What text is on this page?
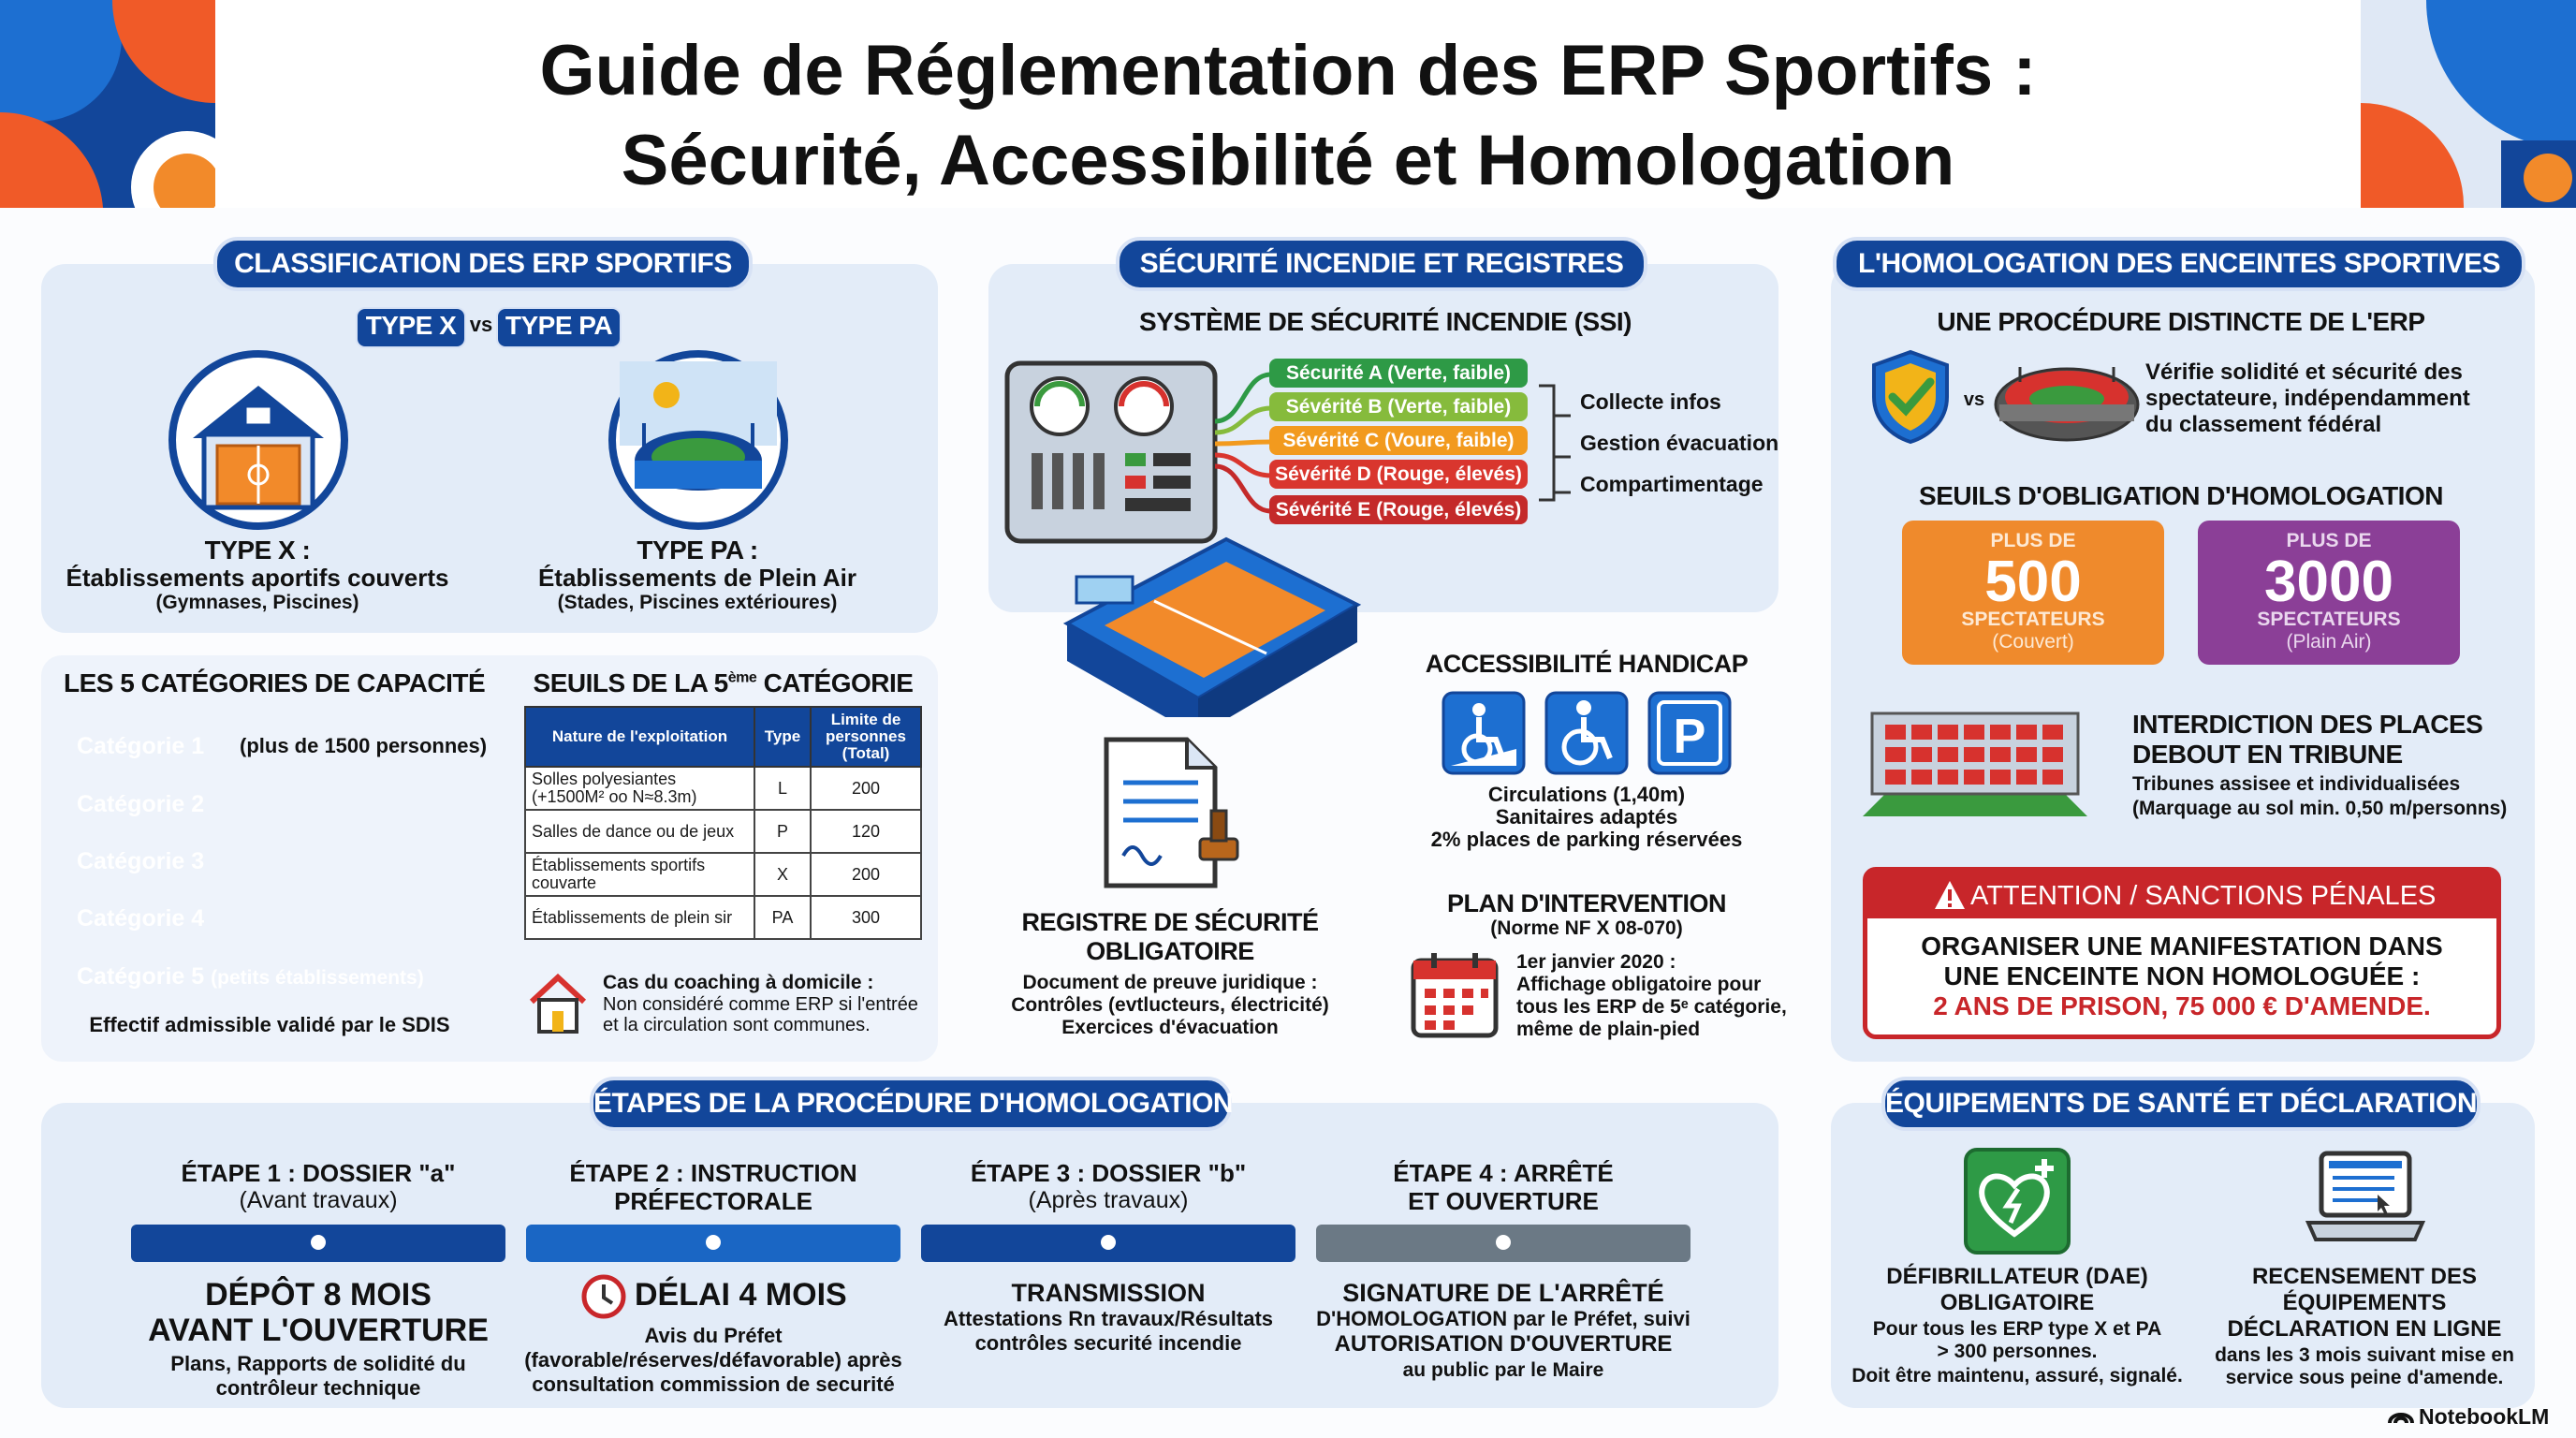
Guide de Réglementation des ERP Sportifs :
Sécurité, Accessibilité et Homologation
CLASSIFICATION DES ERP SPORTIFS
TYPE X vs TYPE PA
TYPE X :
Établissements aportifs couverts
(Gymnases, Piscines)
TYPE PA :
Établissements de Plein Air
(Stades, Piscines extérioures)
LES 5 CATÉGORIES DE CAPACITÉ
Catégorie 1	(plus de 1500 personnes)
Catégorie 2
Catégorie 3
Catégorie 4
Catégorie 5 (petits établissements)
Effectif admissible validé par le SDIS
SEUILS DE LA 5ème CATÉGORIE
Nature de l'exploitation	Type	Limite de personnes (Total)
Solles polyesiantes (+1500M² oo N≈8.3m)	L	200
Salles de dance ou de jeux	P	120
Établissements sportifs couvarte	X	200
Établissements de plein sir	PA	300
Cas du coaching à domicile :
Non considéré comme ERP si l'entrée et la circulation sont communes.
SÉCURITÉ INCENDIE ET REGISTRES
SYSTÈME DE SÉCURITÉ INCENDIE (SSI)
Sécurité A (Verte, faible)
Sévérité B (Verte, faible)
Sévérité C (Voure, faible)
Sévérité D (Rouge, élevés)
Sévérité E (Rouge, élevés)
Collecte infos
Gestion évacuation
Compartimentage
REGISTRE DE SÉCURITÉ
OBLIGATOIRE
Document de preuve juridique :
Contrôles (evtlucteurs, électricité)
Exercices d'évacuation
ACCESSIBILITÉ HANDICAP
P
Circulations (1,40m)
Sanitaires adaptés
2% places de parking réservées
PLAN D'INTERVENTION
(Norme NF X 08-070)
1er janvier 2020 :
Affichage obligatoire pour
tous les ERP de 5ᵉ catégorie,
même de plain-pied
L'HOMOLOGATION DES ENCEINTES SPORTIVES
UNE PROCÉDURE DISTINCTE DE L'ERP
vs
Vérifie solidité et sécurité des
spectateure, indépendamment
du classement fédéral
SEUILS D'OBLIGATION D'HOMOLOGATION
PLUS DE
500
SPECTATEURS
(Couvert)
PLUS DE
3000
SPECTATEURS
(Plain Air)
INTERDICTION DES PLACES
DEBOUT EN TRIBUNE
Tribunes assisee et individualisées
(Marquage au sol min. 0,50 m/personns)
ATTENTION / SANCTIONS PÉNALES
ORGANISER UNE MANIFESTATION DANS
UNE ENCEINTE NON HOMOLOGUÉE :
2 ANS DE PRISON, 75 000 € D'AMENDE.
ÉTAPES DE LA PROCÉDURE D'HOMOLOGATION
ÉTAPE 1 : DOSSIER "a"
(Avant travaux)
DÉPÔT 8 MOIS
AVANT L'OUVERTURE
Plans, Rapports de solidité du
contrôleur technique
ÉTAPE 2 : INSTRUCTION
PRÉFECTORALE
DÉLAI 4 MOIS
Avis du Préfet
(favorable/réserves/défavorable) après
consultation commission de securité
ÉTAPE 3 : DOSSIER "b"
(Après travaux)
TRANSMISSION
Attestations Rn travaux/Résultats
contrôles securité incendie
ÉTAPE 4 : ARRÊTÉ
ET OUVERTURE
SIGNATURE DE L'ARRÊTÉ
D'HOMOLOGATION par le Préfet, suivi
AUTORISATION D'OUVERTURE
au public par le Maire
ÉQUIPEMENTS DE SANTÉ ET DÉCLARATION
DÉFIBRILLATEUR (DAE)
OBLIGATOIRE
Pour tous les ERP type X et PA
> 300 personnes.
Doit être maintenu, assuré, signalé.
RECENSEMENT DES
ÉQUIPEMENTS
DÉCLARATION EN LIGNE
dans les 3 mois suivant mise en
service sous peine d'amende.
NotebookLM
